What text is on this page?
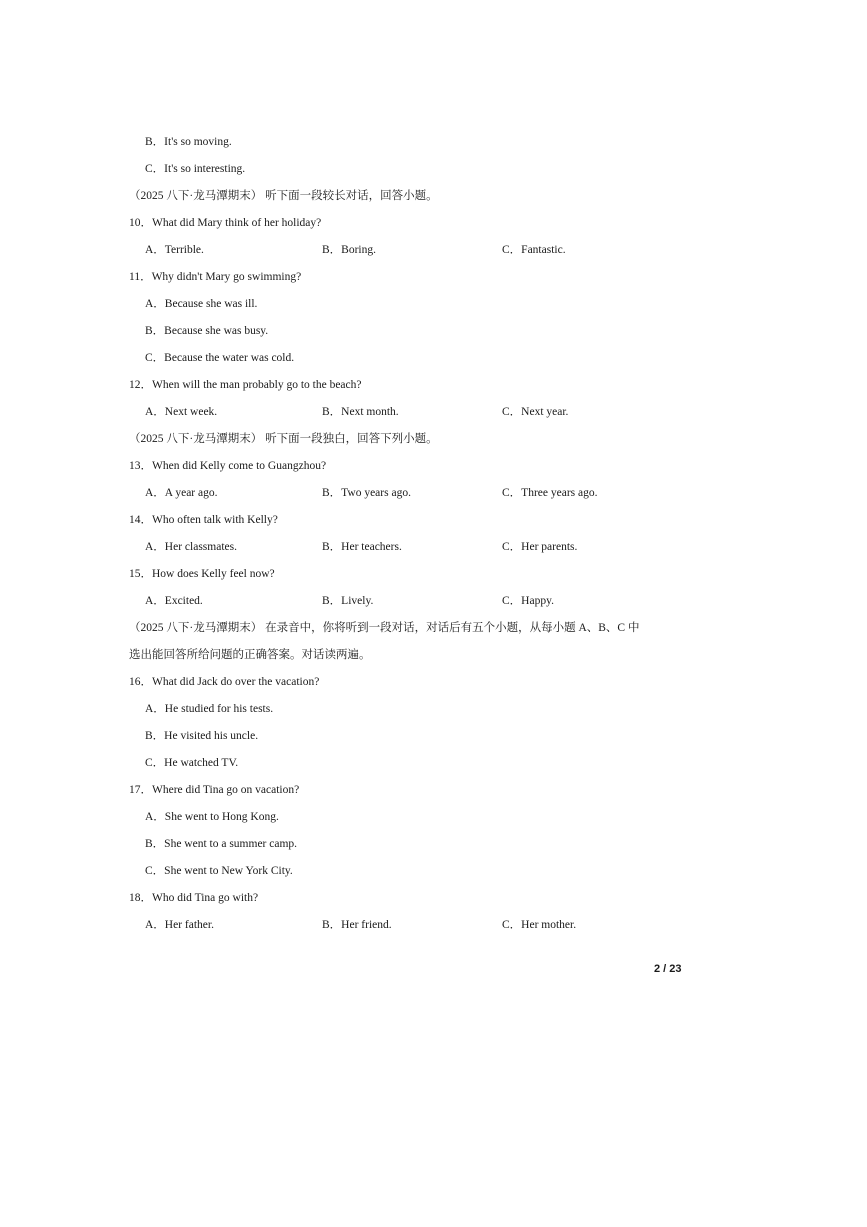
B．It's so moving.
C．It's so interesting.
（2025 八下·龙马潭期末） 听下面一段较长对话，回答小题。
10．What did Mary think of her holiday?
A．Terrible.	B．Boring.	C．Fantastic.
11．Why didn't Mary go swimming?
A．Because she was ill.
B．Because she was busy.
C．Because the water was cold.
12．When will the man probably go to the beach?
A．Next week.	B．Next month.	C．Next year.
（2025 八下·龙马潭期末） 听下面一段独白，回答下列小题。
13．When did Kelly come to Guangzhou?
A．A year ago.	B．Two years ago.	C．Three years ago.
14．Who often talk with Kelly?
A．Her classmates.	B．Her teachers.	C．Her parents.
15．How does Kelly feel now?
A．Excited.	B．Lively.	C．Happy.
（2025 八下·龙马潭期末） 在录音中，你将听到一段对话，对话后有五个小题，从每小题 A、B、C 中
选出能回答所给问题的正确答案。对话读两遍。
16．What did Jack do over the vacation?
A．He studied for his tests.
B．He visited his uncle.
C．He watched TV.
17．Where did Tina go on vacation?
A．She went to Hong Kong.
B．She went to a summer camp.
C．She went to New York City.
18．Who did Tina go with?
A．Her father.	B．Her friend.	C．Her mother.
2 / 23
